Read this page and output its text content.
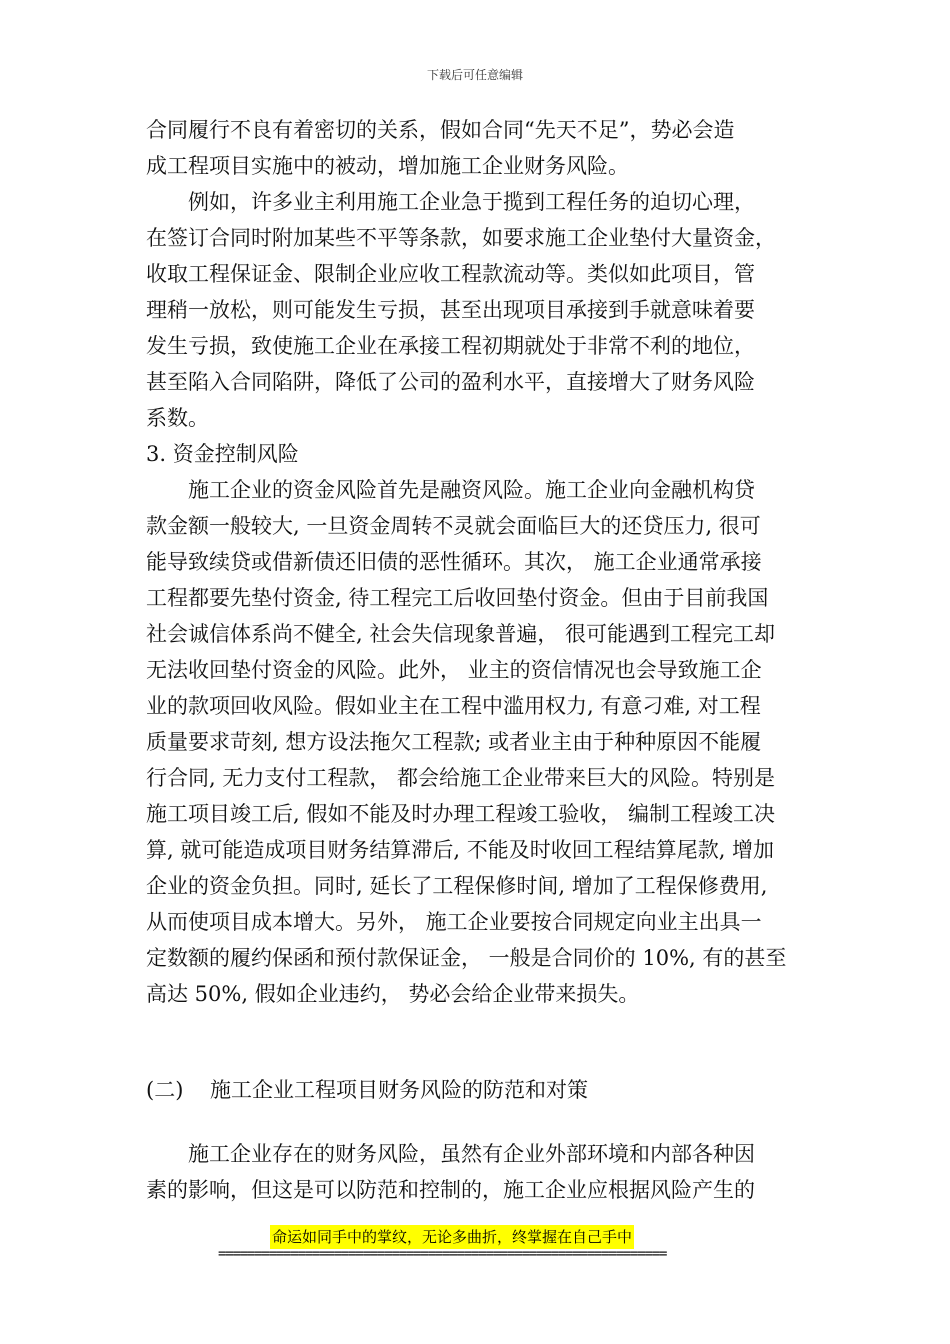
下载后可任意编辑
合同履行不良有着密切的关系，假如合同“先天不足”，势必会造
成工程项目实施中的被动，增加施工企业财务风险。
例如，许多业主利用施工企业急于揽到工程任务的迫切心理，
在签订合同时附加某些不平等条款，如要求施工企业垫付大量资金，
收取工程保证金、限制企业应收工程款流动等。类似如此项目，管
理稍一放松，则可能发生亏损，甚至出现项目承接到手就意味着要
发生亏损，致使施工企业在承接工程初期就处于非常不利的地位，
甚至陷入合同陷阱，降低了公司的盈利水平，直接增大了财务风险
系数。
3. 资金控制风险
施工企业的资金风险首先是融资风险。施工企业向金融机构贷
款金额一般较大, 一旦资金周转不灵就会面临巨大的还贷压力, 很可
能导致续贷或借新债还旧债的恶性循环。其次， 施工企业通常承接
工程都要先垫付资金, 待工程完工后收回垫付资金。但由于目前我国
社会诚信体系尚不健全, 社会失信现象普遍， 很可能遇到工程完工却
无法收回垫付资金的风险。此外， 业主的资信情况也会导致施工企
业的款项回收风险。假如业主在工程中滥用权力, 有意刁难, 对工程
质量要求苛刻, 想方设法拖欠工程款; 或者业主由于种种原因不能履
行合同, 无力支付工程款， 都会给施工企业带来巨大的风险。特别是
施工项目竣工后, 假如不能及时办理工程竣工验收， 编制工程竣工决
算, 就可能造成项目财务结算滞后, 不能及时收回工程结算尾款, 增加
企业的资金负担。同时, 延长了工程保修时间, 增加了工程保修费用,
从而使项目成本增大。另外， 施工企业要按合同规定向业主出具一
定数额的履约保函和预付款保证金， 一般是合同价的 10%, 有的甚至
高达 50%, 假如企业违约， 势必会给企业带来损失。
(二) 施工企业工程项目财务风险的防范和对策
施工企业存在的财务风险，虽然有企业外部环境和内部各种因
素的影响，但这是可以防范和控制的，施工企业应根据风险产生的
命运如同手中的掌纹，无论多曲折，终掌握在自己手中
==============================================================
